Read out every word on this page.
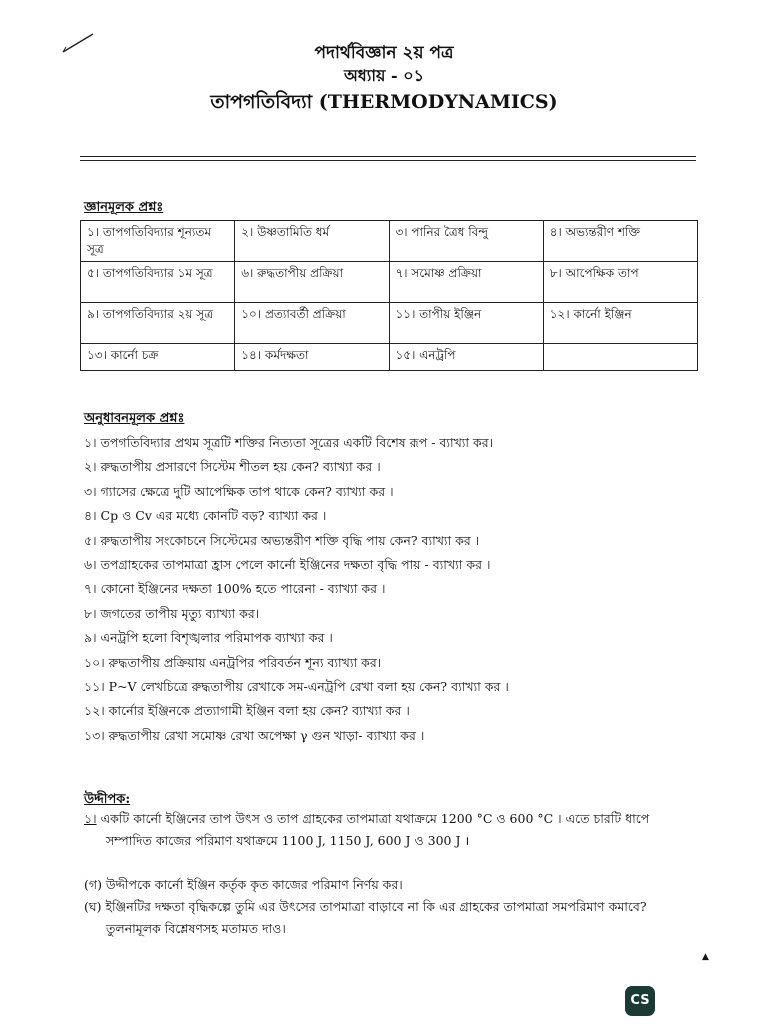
পদার্থবিজ্ঞান ২য় পত্র
অধ্যায় - ০১
তাপগতিবিদ্যা (THERMODYNAMICS)
জ্ঞানমূলক প্রশ্নঃ
১। তাপগতিবিদ্যার শূন্যতম সূত্র	২। উষ্ণতামিতি ধর্ম	৩। পানির ত্রৈধ বিন্দু	৪। অভ্যন্তরীণ শক্তি
৫। তাপগতিবিদ্যার ১ম সূত্র	৬। রুদ্ধতাপীয় প্রক্রিয়া	৭। সমোষ্ণ প্রক্রিয়া	৮। আপেক্ষিক তাপ
৯। তাপগতিবিদ্যার ২য় সূত্র	১০। প্রত্যাবর্তী প্রক্রিয়া	১১। তাপীয় ইঞ্জিন	১২। কার্নো ইঞ্জিন
১৩। কার্নো চক্র	১৪। কর্মদক্ষতা	১৫। এনট্রপি	
অনুধাবনমূলক প্রশ্নঃ
১। তপগতিবিদ্যার প্রথম সূত্রটি শক্তির নিত্যতা সূত্রের একটি বিশেষ রূপ - ব্যাখ্যা কর।
২। রুদ্ধতাপীয় প্রসারণে সিস্টেম শীতল হয় কেন? ব্যাখ্যা কর ।
৩। গ্যাসের ক্ষেত্রে দুটি আপেক্ষিক তাপ থাকে কেন? ব্যাখ্যা কর ।
৪। Cp ও Cv এর মধ্যে কোনটি বড়? ব্যাখ্যা কর ।
৫। রুদ্ধতাপীয় সংকোচনে সিস্টেমের অভ্যন্তরীণ শক্তি বৃদ্ধি পায় কেন? ব্যাখ্যা কর ।
৬। তপগ্রাহকের তাপমাত্রা হ্রাস পেলে কার্নো ইঞ্জিনের দক্ষতা বৃদ্ধি পায় - ব্যাখ্যা কর ।
৭। কোনো ইঞ্জিনের দক্ষতা 100% হতে পারেনা - ব্যাখ্যা কর ।
৮। জগতের তাপীয় মৃত্যু ব্যাখ্যা কর।
৯। এনট্রপি হলো বিশৃঙ্খলার পরিমাপক ব্যাখ্যা কর ।
১০। রুদ্ধতাপীয় প্রক্রিয়ায় এনট্রপির পরিবর্তন শূন্য ব্যাখ্যা কর।
১১। P~V লেখচিত্রে রুদ্ধতাপীয় রেখাকে সম-এনট্রপি রেখা বলা হয় কেন? ব্যাখ্যা কর ।
১২। কার্নোর ইঞ্জিনকে প্রত্যাগামী ইঞ্জিন বলা হয় কেন? ব্যাখ্যা কর ।
১৩। রুদ্ধতাপীয় রেখা সমোষ্ণ রেখা অপেক্ষা γ গুন খাড়া- ব্যাখ্যা কর ।
উদ্দীপক:
১। একটি কার্নো ইঞ্জিনের তাপ উৎস ও তাপ গ্রাহকের তাপমাত্রা যথাক্রমে 1200 °C ও 600 °C । এতে চারটি ধাপে
সম্পাদিত কাজের পরিমাণ যথাক্রমে 1100 J, 1150 J, 600 J ও 300 J ।
(গ) উদ্দীপকে কার্নো ইঞ্জিন কর্তৃক কৃত কাজের পরিমাণ নির্ণয় কর।
(ঘ) ইঞ্জিনটির দক্ষতা বৃদ্ধিকল্পে তুমি এর উৎসের তাপমাত্রা বাড়াবে না কি এর গ্রাহকের তাপমাত্রা সমপরিমাণ কমাবে?
তুলনামূলক বিশ্লেষণসহ মতামত দাও।
▲
CS
